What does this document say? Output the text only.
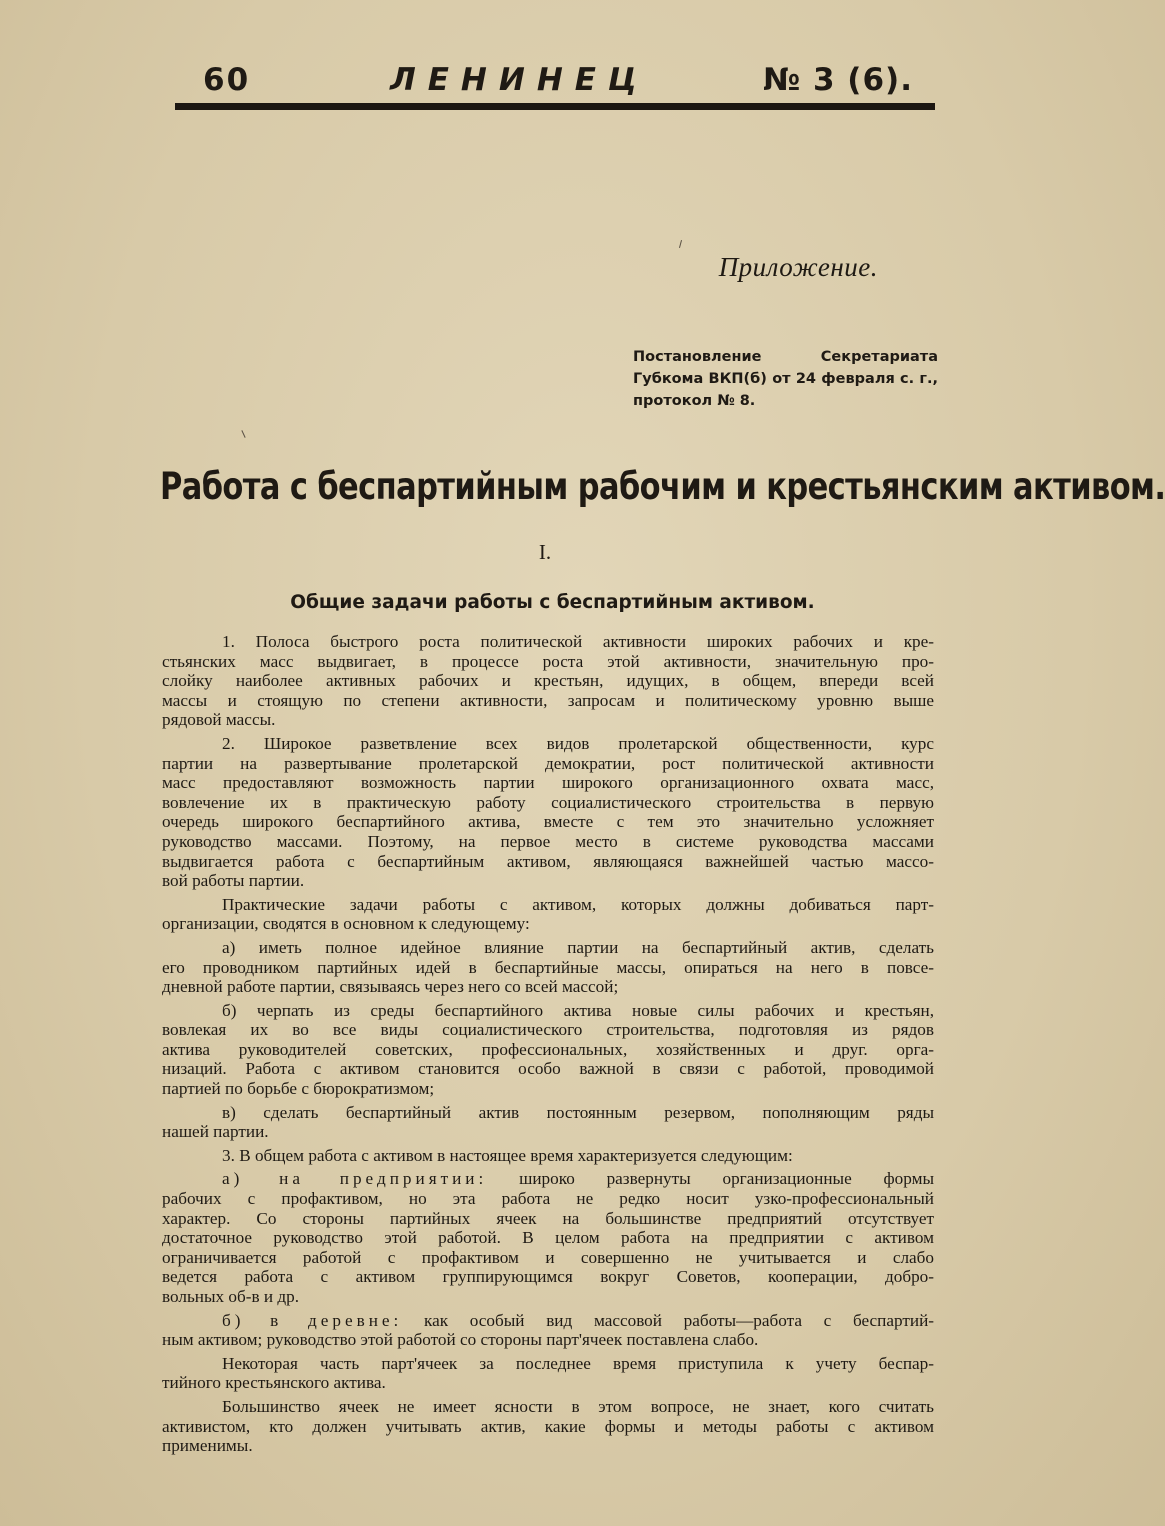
60	ЛЕНИНЕЦ	№ 3 (6).
Приложение.
Постановление Секретариата
Губкома ВКП(б) от 24 февраля с. г.,
протокол № 8.
Работа с беспартийным рабочим и крестьянским активом.
I.
Общие задачи работы с беспартийным активом.
1. Полоса быстрого роста политической активности широких рабочих и кре-
стьянских масс выдвигает, в процессе роста этой активности, значительную про-
слойку наиболее активных рабочих и крестьян, идущих, в общем, впереди всей
массы и стоящую по степени активности, запросам и политическому уровню выше
рядовой массы.
2. Широкое разветвление всех видов пролетарской общественности, курс
партии на развертывание пролетарской демократии, рост политической активности
масс предоставляют возможность партии широкого организационного охвата масс,
вовлечение их в практическую работу социалистического строительства в первую
очередь широкого беспартийного актива, вместе с тем это значительно усложняет
руководство массами. Поэтому, на первое место в системе руководства массами
выдвигается работа с беспартийным активом, являющаяся важнейшей частью массо-
вой работы партии.
Практические задачи работы с активом, которых должны добиваться парт-
организации, сводятся в основном к следующему:
а) иметь полное идейное влияние партии на беспартийный актив, сделать
его проводником партийных идей в беспартийные массы, опираться на него в повсе-
дневной работе партии, связываясь через него со всей массой;
б) черпать из среды беспартийного актива новые силы рабочих и крестьян,
вовлекая их во все виды социалистического строительства, подготовляя из рядов
актива руководителей советских, профессиональных, хозяйственных и друг. орга-
низаций. Работа с активом становится особо важной в связи с работой, проводимой
партией по борьбе с бюрократизмом;
в) сделать беспартийный актив постоянным резервом, пополняющим ряды
нашей партии.
3. В общем работа с активом в настоящее время характеризуется следующим:
а) на предприятии: широко развернуты организационные формы
рабочих с профактивом, но эта работа не редко носит узко-профессиональный
характер. Со стороны партийных ячеек на большинстве предприятий отсутствует
достаточное руководство этой работой. В целом работа на предприятии с активом
ограничивается работой с профактивом и совершенно не учитывается и слабо
ведется работа с активом группирующимся вокруг Советов, кооперации, добро-
вольных об-в и др.
б) в деревне: как особый вид массовой работы—работа с беспартий-
ным активом; руководство этой работой со стороны парт'ячеек поставлена слабо.
Некоторая часть парт'ячеек за последнее время приступила к учету беспар-
тийного крестьянского актива.
Большинство ячеек не имеет ясности в этом вопросе, не знает, кого считать
активистом, кто должен учитывать актив, какие формы и методы работы с активом
применимы.
